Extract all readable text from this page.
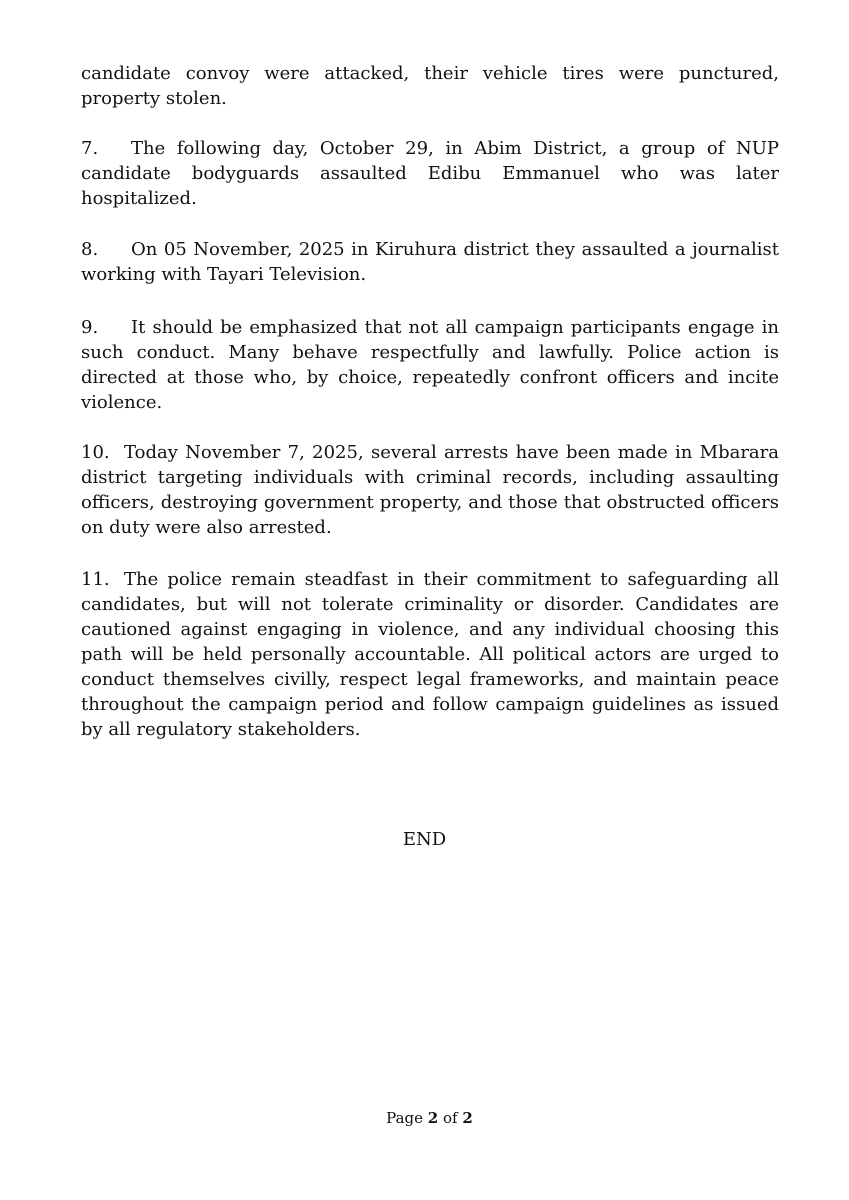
candidate convoy were attacked, their vehicle tires were punctured, property stolen.

7. The following day, October 29, in Abim District, a group of NUP candidate bodyguards assaulted Edibu Emmanuel who was later hospitalized.

8. On 05 November, 2025 in Kiruhura district they assaulted a journalist working with Tayari Television.

9. It should be emphasized that not all campaign participants engage in such conduct. Many behave respectfully and lawfully. Police action is directed at those who, by choice, repeatedly confront officers and incite violence.

10. Today November 7, 2025, several arrests have been made in Mbarara district targeting individuals with criminal records, including assaulting officers, destroying government property, and those that obstructed officers on duty were also arrested.

11. The police remain steadfast in their commitment to safeguarding all candidates, but will not tolerate criminality or disorder. Candidates are cautioned against engaging in violence, and any individual choosing this path will be held personally accountable. All political actors are urged to conduct themselves civilly, respect legal frameworks, and maintain peace throughout the campaign period and follow campaign guidelines as issued by all regulatory stakeholders.

END
Page 2 of 2
